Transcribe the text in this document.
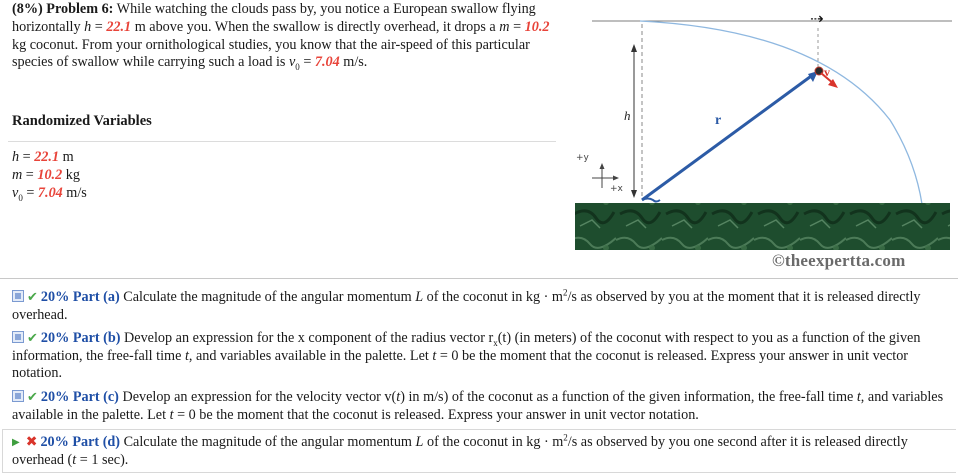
(8%) Problem 6: While watching the clouds pass by, you notice a European swallow flying horizontally h = 22.1 m above you. When the swallow is directly overhead, it drops a m = 10.2 kg coconut. From your ornithological studies, you know that the air-speed of this particular species of swallow while carrying such a load is $v_0 = 7.04$ m/s.
Randomized Variables
h = 22.1 m
m = 10.2 kg
$v_0 = 7.04$ m/s
⇢
h	r⃗
v⃗
+y
+x
©theexpertta.com
✔ 20% Part (a) Calculate the magnitude of the angular momentum L of the coconut in kg · $m^2/s$ as observed by you at the moment that it is released directly overhead.
✔ 20% Part (b) Develop an expression for the x component of the radius vector $r_x(t)$ (in meters) of the coconut with respect to you as a function of the given information, the free-fall time t, and variables available in the palette. Let t = 0 be the moment that the coconut is released. Express your answer in unit vector notation.
✔ 20% Part (c) Develop an expression for the velocity vector v(t) in m/s) of the coconut as a function of the given information, the free-fall time t, and variables available in the palette. Let t = 0 be the moment that the coconut is released. Express your answer in unit vector notation.
▶ ✖ 20% Part (d) Calculate the magnitude of the angular momentum L of the coconut in kg · $m^2/s$ as observed by you one second after it is released directly overhead (t = 1 sec).
